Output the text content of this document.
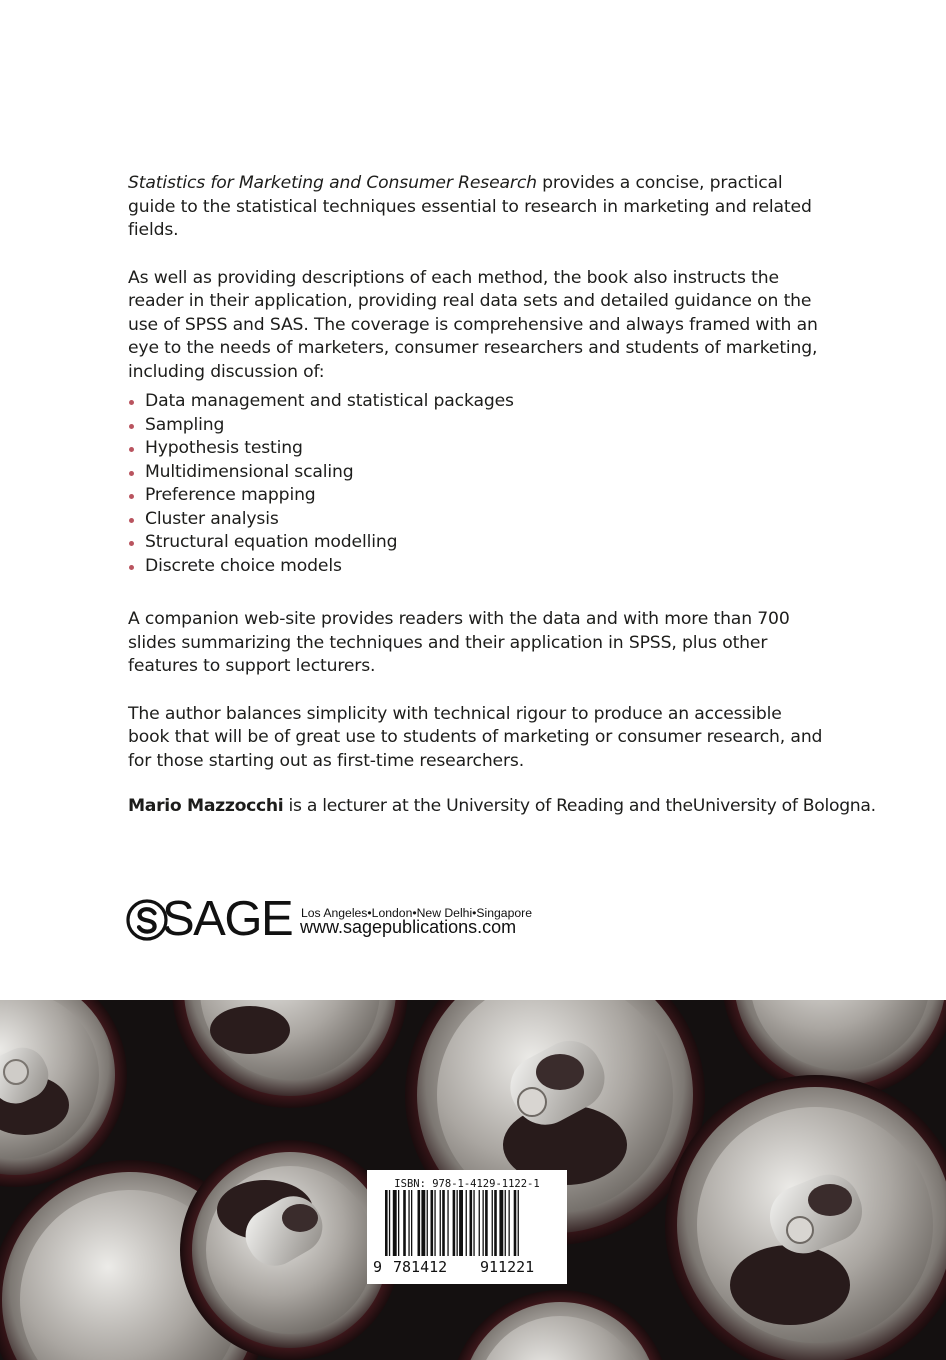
Statistics for Marketing and Consumer Research provides a concise, practical guide to the statistical techniques essential to research in marketing and related fields.

As well as providing descriptions of each method, the book also instructs the reader in their application, providing real data sets and detailed guidance on the use of SPSS and SAS. The coverage is comprehensive and always framed with an eye to the needs of marketers, consumer researchers and students of marketing, including discussion of:

Data management and statistical packages
Sampling
Hypothesis testing
Multidimensional scaling
Preference mapping
Cluster analysis
Structural equation modelling
Discrete choice models

A companion web-site provides readers with the data and with more than 700 slides summarizing the techniques and their application in SPSS, plus other features to support lecturers.

The author balances simplicity with technical rigour to produce an accessible book that will be of great use to students of marketing or consumer research, and for those starting out as first-time researchers.

Mario Mazzocchi is a lecturer at the University of Reading and theUniversity of Bologna.
SAGE Los Angeles•London•New Delhi•Singapore
www.sagepublications.com
ISBN: 978-1-4129-1122-1
9 781412 911221
